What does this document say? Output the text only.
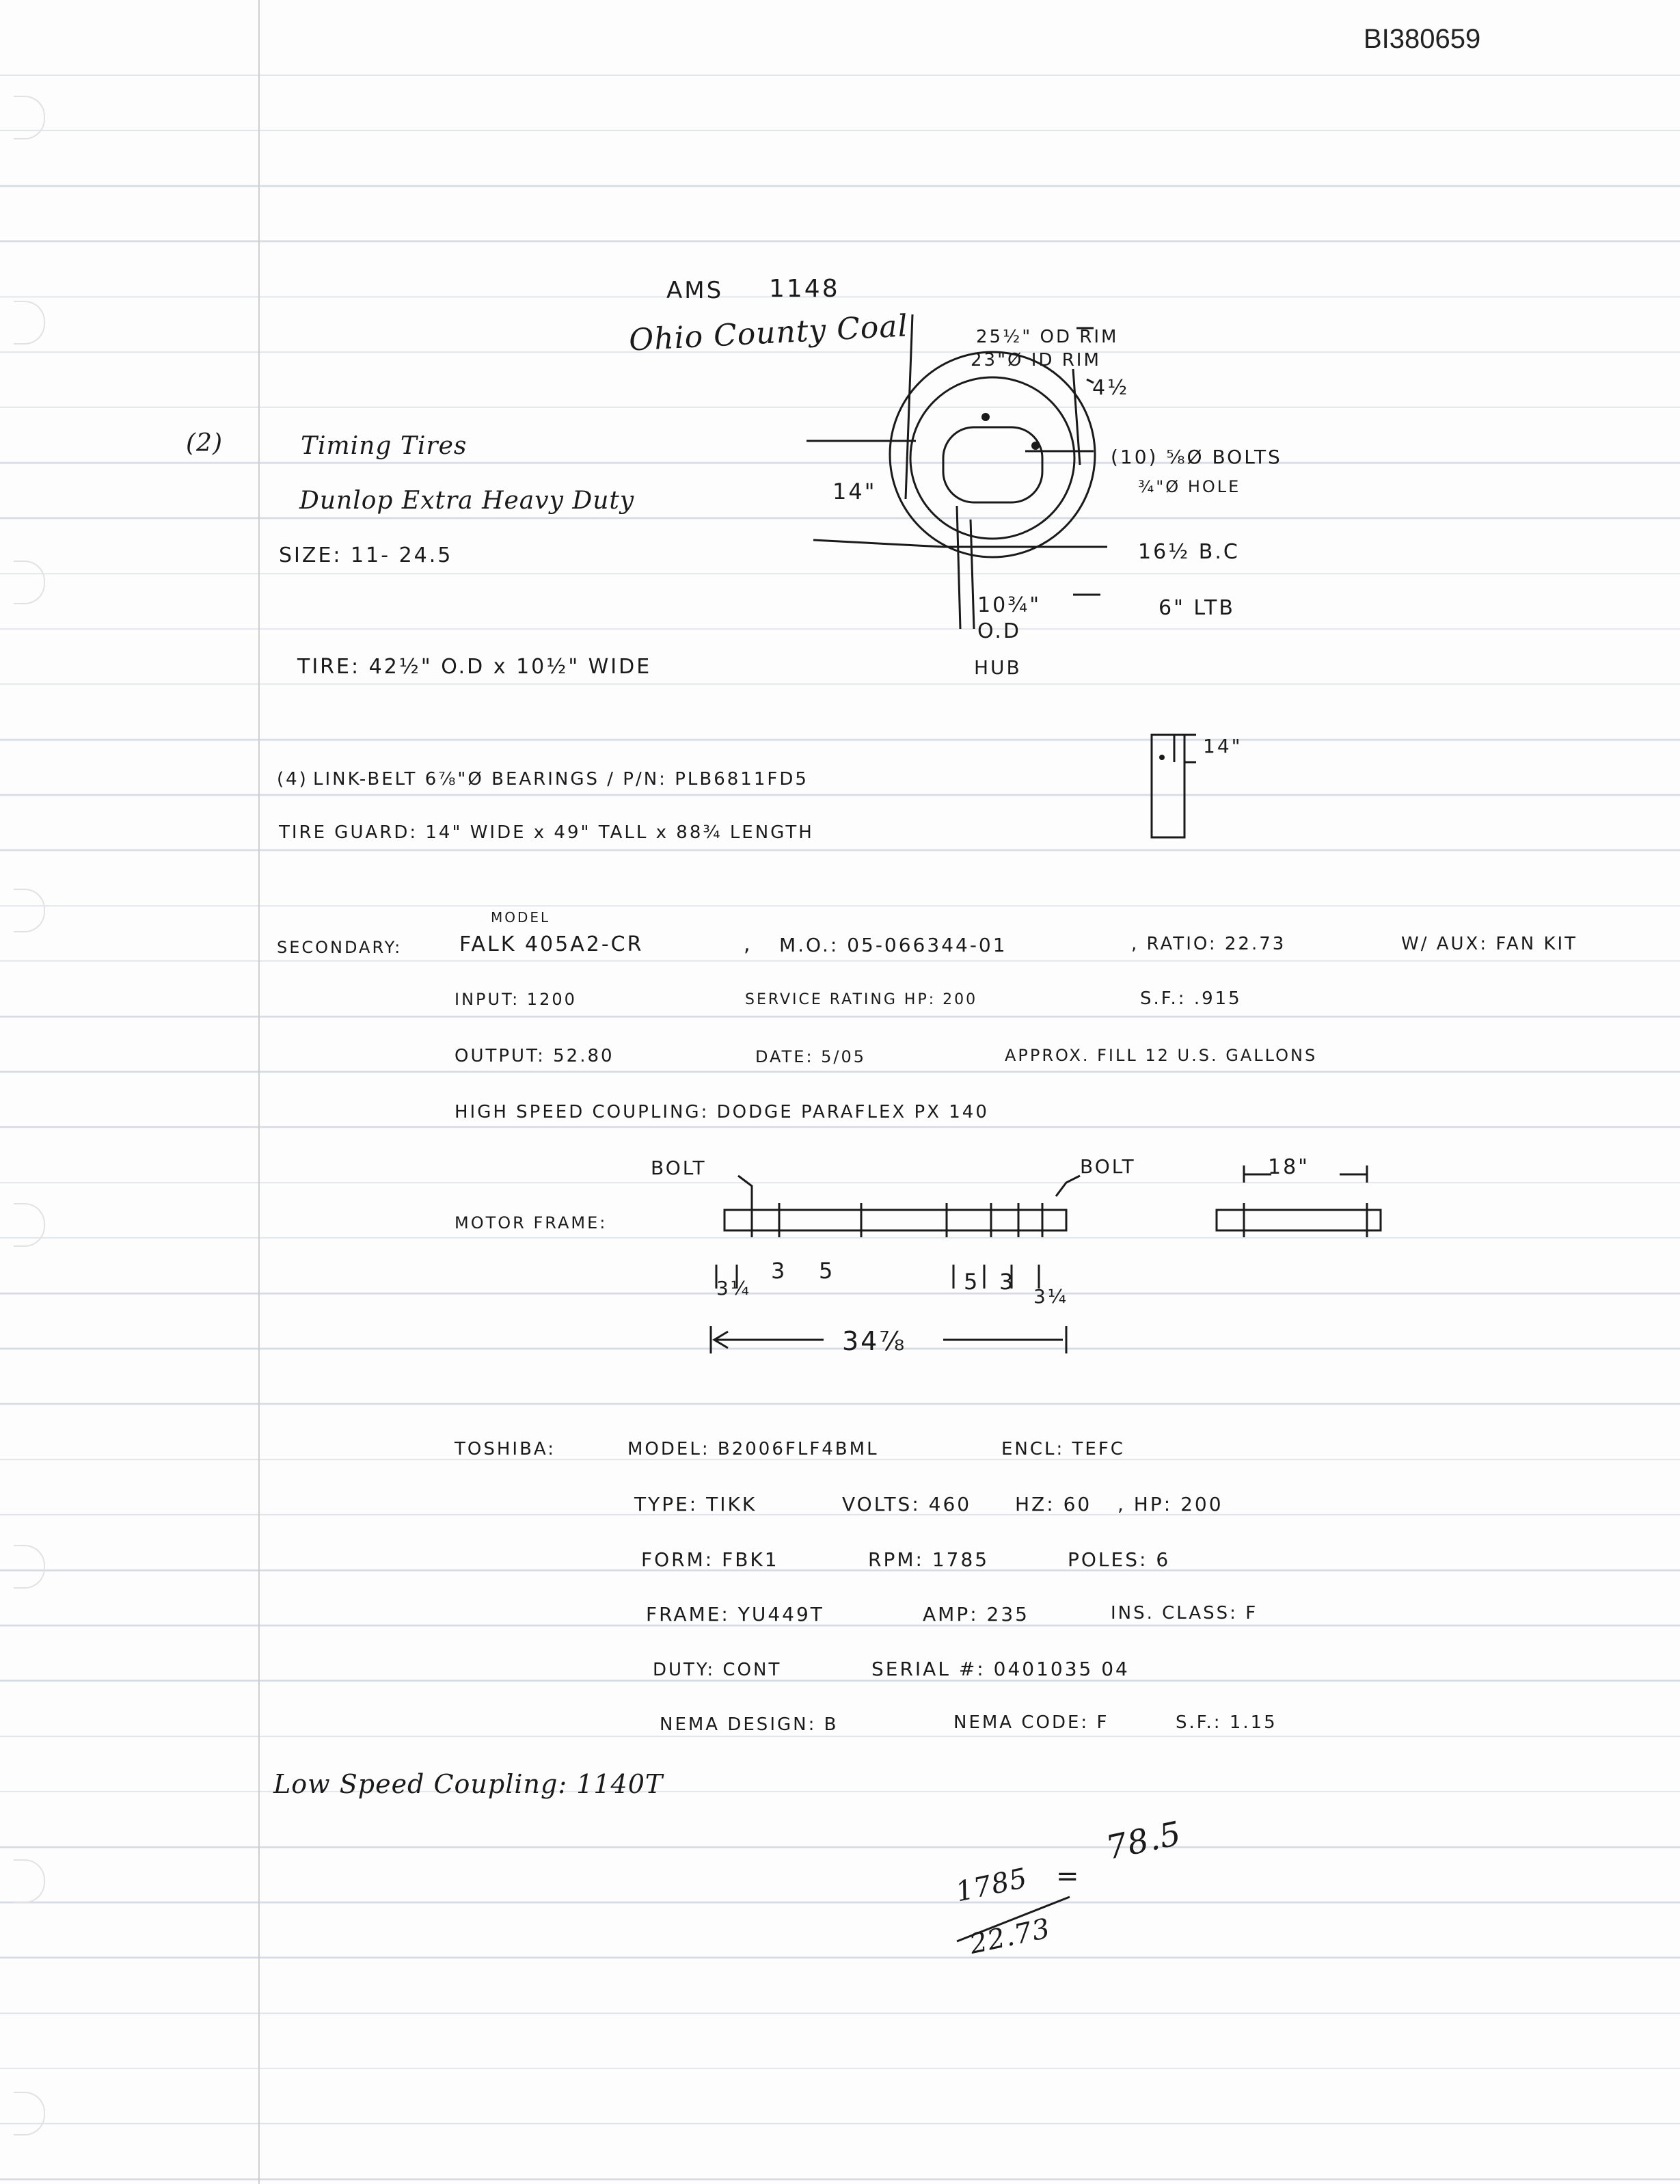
BI380659
AMS 1148
Ohio County Coal
(2)	Timing Tires
Dunlop Extra Heavy Duty
SIZE: 11- 24.5
TIRE: 42½" O.D x 10½" WIDE
25½" OD RIM
23"Ø ID RIM
4½
(10) ⅝Ø BOLTS
¾"Ø HOLE
14"
16½ B.C
6" LTB
10¾"
O.D
HUB
(4) LINK-BELT 6⅞"Ø BEARINGS / P/N: PLB6811FD5
TIRE GUARD: 14" WIDE x 49" TALL x 88¾ LENGTH
14"
MODEL
SECONDARY:	FALK 405A2-CR	, M.O.: 05-066344-01	, RATIO: 22.73	W/ AUX: FAN KIT
INPUT: 1200	SERVICE RATING HP: 200	S.F.: .915
OUTPUT: 52.80	DATE: 5/05	APPROX. FILL 12 U.S. GALLONS
HIGH SPEED COUPLING: DODGE PARAFLEX PX 140
BOLT	BOLT	18"
MOTOR FRAME:
3¼
3 5	5 3
3¼
34⅞
TOSHIBA:	MODEL: B2006FLF4BML	ENCL: TEFC
TYPE: TIKK	VOLTS: 460 HZ: 60 , HP: 200
FORM: FBK1	RPM: 1785	POLES: 6
FRAME: YU449T	AMP: 235	INS. CLASS: F
DUTY: CONT	SERIAL #: 0401035 04
NEMA DESIGN: B	NEMA CODE: F	S.F.: 1.15
Low Speed Coupling: 1140T
1785
22.73
=
78.5
